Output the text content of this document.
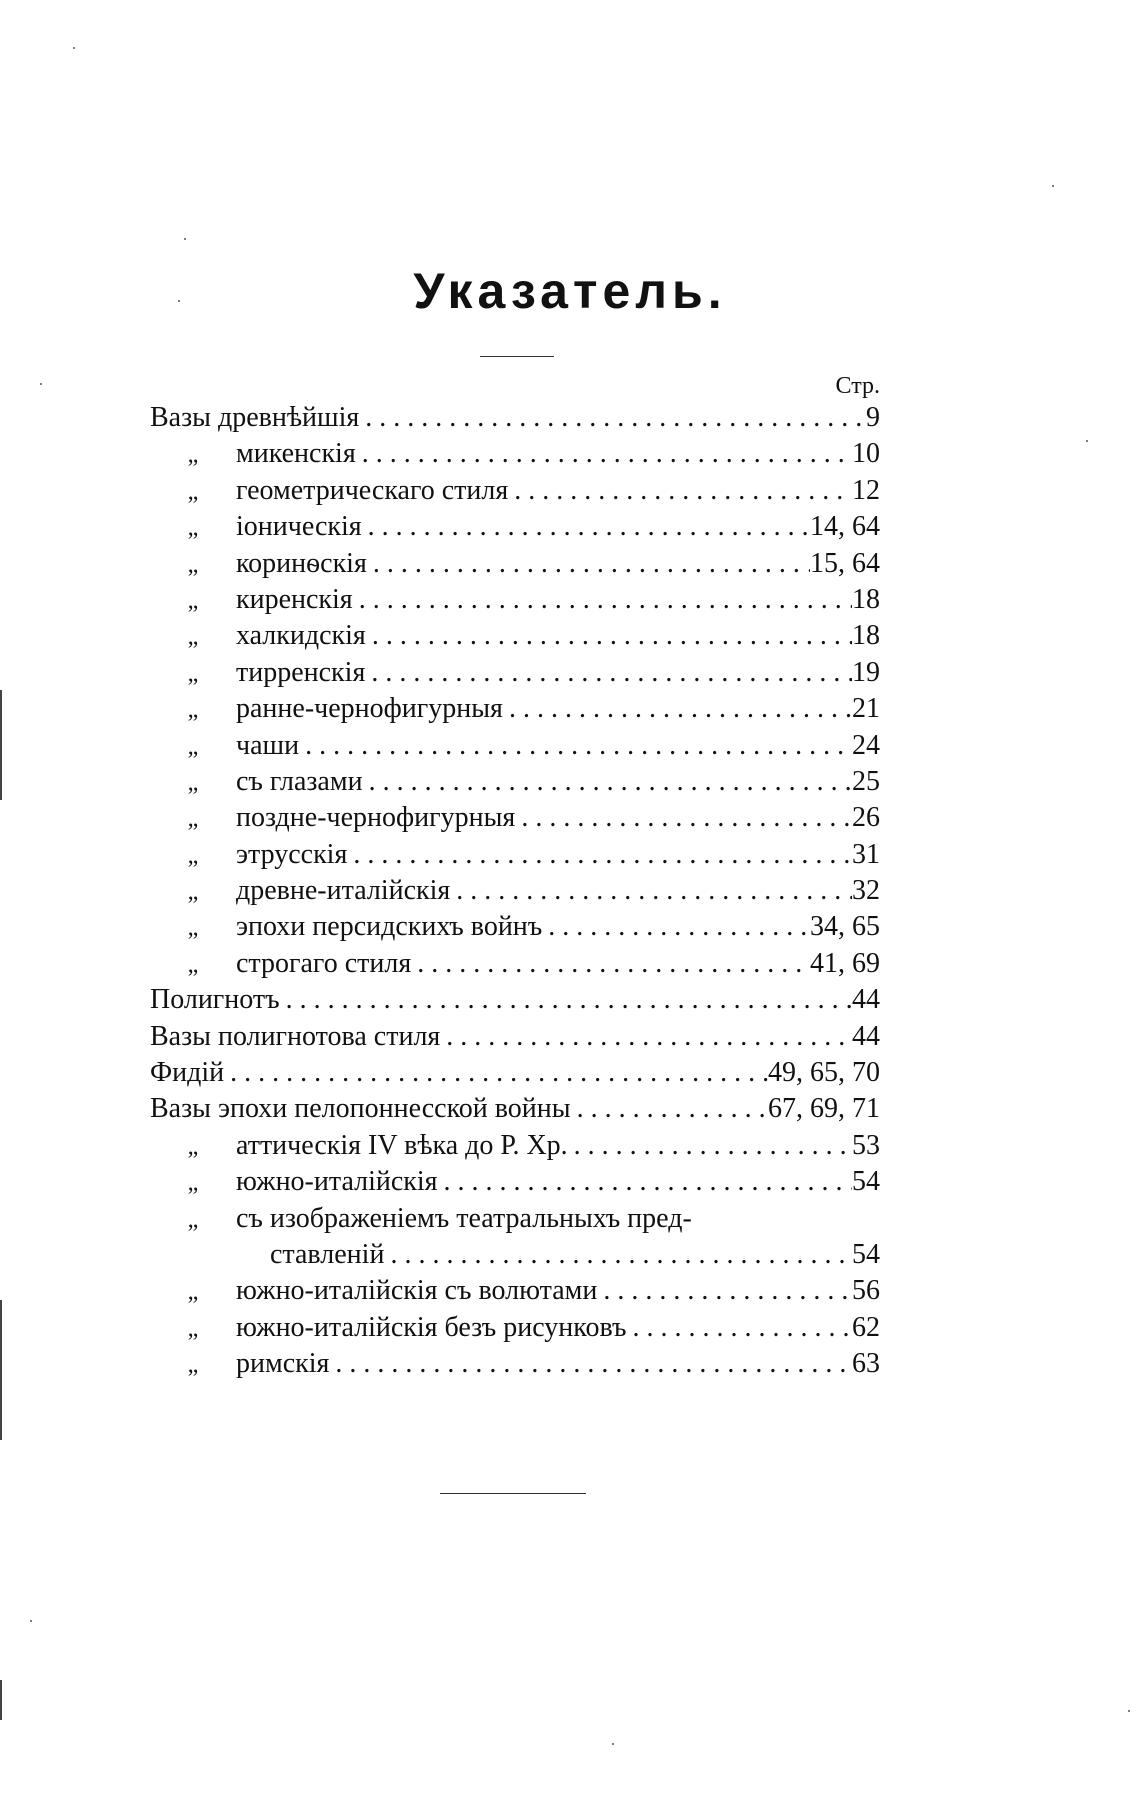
Указатель.
Стр.
Вазы древнѣйшія . . .	9
„	микенскія . . .	10
„	геометрическаго стиля . . .	12
„	іоническія . . .	14, 64
„	коринѳскія . . .	15, 64
„	киренскія . . .	18
„	халкидскія . . .	18
„	тирренскія . . .	19
„	ранне-чернофигурныя . . .	21
„	чаши . . .	24
„	съ глазами . . .	25
„	поздне-чернофигурныя . . .	26
„	этрусскія . . .	31
„	древне-италійскія . . .	32
„	эпохи персидскихъ войнъ . . .	34, 65
„	строгаго стиля . . .	41, 69
Полигнотъ . . .	44
Вазы полигнотова стиля . . .	44
Фидій . . .	49, 65, 70
Вазы эпохи пелопоннесской войны . . .	67, 69, 71
„	аттическія IV вѣка до Р. Хр. . . .	53
„	южно-италійскія . . .	54
„	съ изображеніемъ театральныхъ пред-
ставленій . . .	54
„	южно-италійскія съ волютами . . .	56
„	южно-италійскія безъ рисунковъ . . .	62
„	римскія . . .	63
